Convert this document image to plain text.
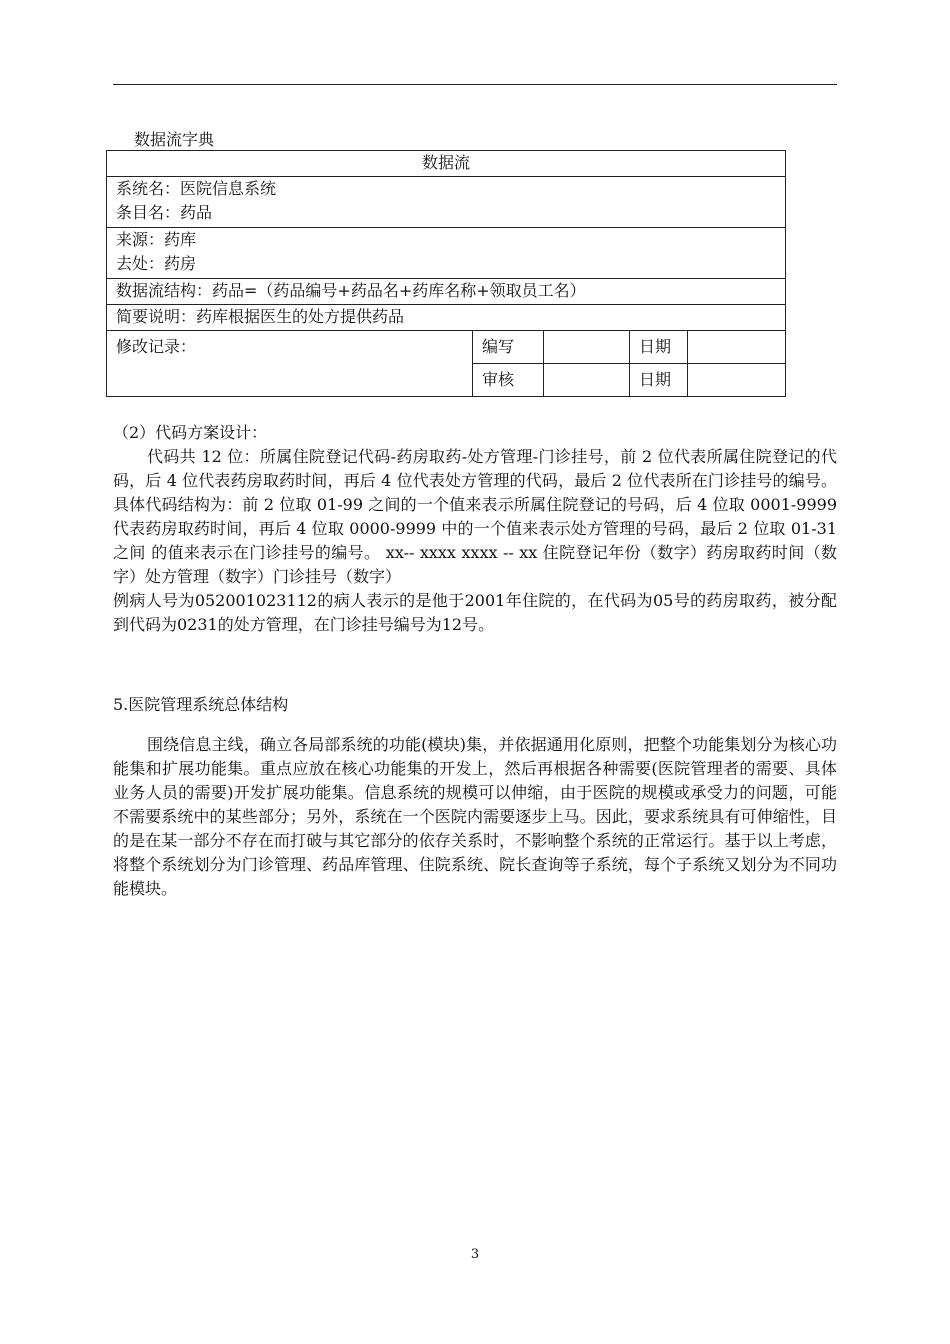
数据流字典
数据流				

系统名：医院信息系统
条目名：药品				

来源：药库
去处：药房				

数据流结构：药品=（药品编号+药品名+药库名称+领取员工名）				
简要说明：药库根据医生的处方提供药品				
修改记录：	编写		日期	
	审核		日期	

（2）代码方案设计：

代码共 12 位：所属住院登记代码-药房取药-处方管理-门诊挂号，前 2 位代表所属住院登记的代码，后 4 位代表药房取药时间，再后 4 位代表处方管理的代码，最后 2 位代表所在门诊挂号的编号。具体代码结构为：前 2 位取 01-99 之间的一个值来表示所属住院登记的号码，后 4 位取 0001-9999 代表药房取药时间，再后 4 位取 0000-9999 中的一个值来表示处方管理的号码，最后 2 位取 01-31 之间 的值来表示在门诊挂号的编号。 xx-- xxxx xxxx -- xx 住院登记年份（数字）药房取药时间（数字）处方管理（数字）门诊挂号（数字）

例病人号为052001023112的病人表示的是他于2001年住院的，在代码为05号的药房取药，被分配到代码为0231的处方管理，在门诊挂号编号为12号。

5.医院管理系统总体结构

围绕信息主线，确立各局部系统的功能(模块)集，并依据通用化原则，把整个功能集划分为核心功能集和扩展功能集。重点应放在核心功能集的开发上，然后再根据各种需要(医院管理者的需要、具体业务人员的需要)开发扩展功能集。信息系统的规模可以伸缩，由于医院的规模或承受力的问题，可能不需要系统中的某些部分；另外，系统在一个医院内需要逐步上马。因此，要求系统具有可伸缩性，目的是在某一部分不存在而打破与其它部分的依存关系时，不影响整个系统的正常运行。基于以上考虑，将整个系统划分为门诊管理、药品库管理、住院系统、院长查询等子系统，每个子系统又划分为不同功能模块。

3
